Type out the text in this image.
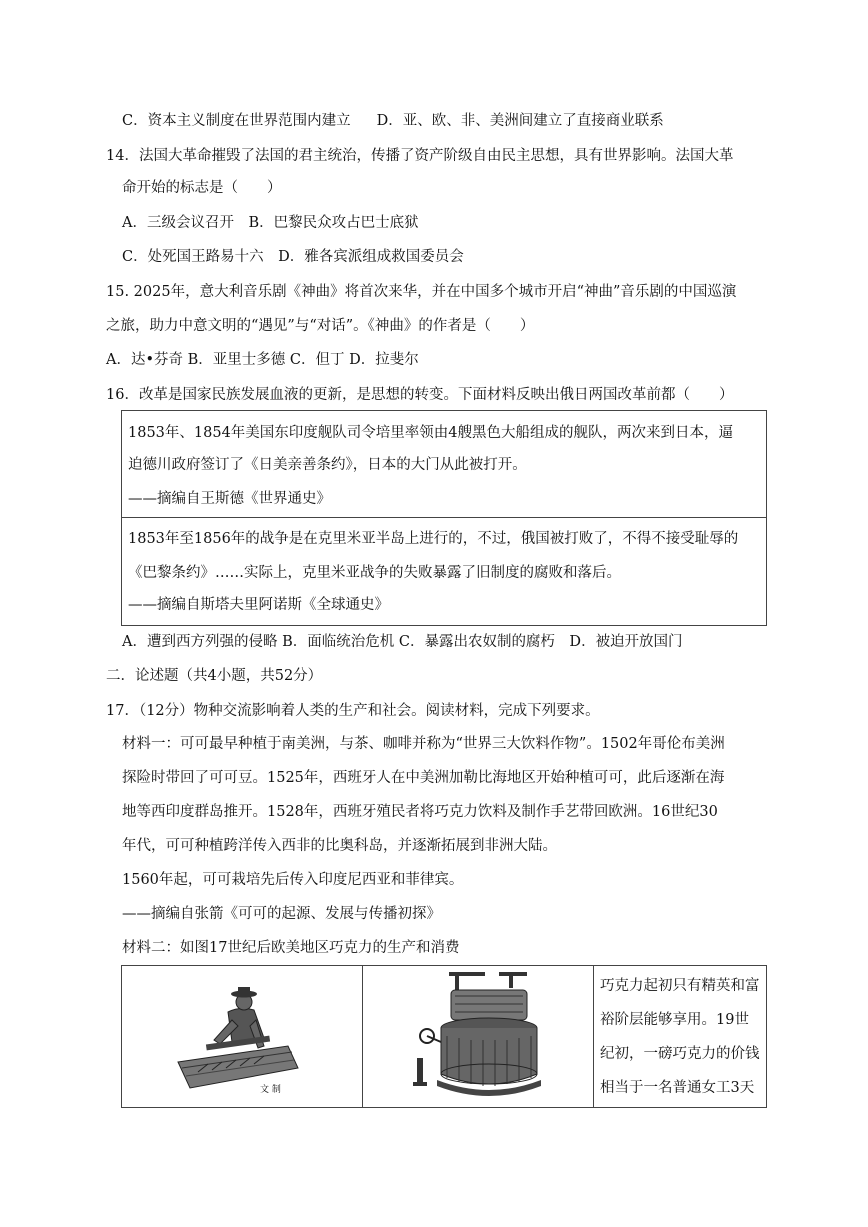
C．资本主义制度在世界范围内建立 D．亚、欧、非、美洲间建立了直接商业联系
14．法国大革命摧毁了法国的君主统治，传播了资产阶级自由民主思想，具有世界影响。法国大革
命开始的标志是（　　）
A．三级会议召开　B．巴黎民众攻占巴士底狱
C．处死国王路易十六　D．雅各宾派组成救国委员会
15. 2025年，意大利音乐剧《神曲》将首次来华，并在中国多个城市开启“神曲”音乐剧的中国巡演
之旅，助力中意文明的“遇见”与“对话”。《神曲》的作者是（　　）
A．达•芬奇 B．亚里士多德 C．但丁 D．拉斐尔
16．改革是国家民族发展血液的更新，是思想的转变。下面材料反映出俄日两国改革前都（　　）
1853年、1854年美国东印度舰队司令培里率领由4艘黑色大船组成的舰队，两次来到日本，逼
迫德川政府签订了《日美亲善条约》，日本的大门从此被打开。
——摘编自王斯德《世界通史》
1853年至1856年的战争是在克里米亚半岛上进行的，不过，俄国被打败了，不得不接受耻辱的
《巴黎条约》……实际上，克里米亚战争的失败暴露了旧制度的腐败和落后。
——摘编自斯塔夫里阿诺斯《全球通史》
A．遭到西方列强的侵略 B．面临统治危机 C．暴露出农奴制的腐朽　D．被迫开放国门
二．论述题（共4小题，共52分）
17．（12分）物种交流影响着人类的生产和社会。阅读材料，完成下列要求。
材料一：可可最早种植于南美洲，与茶、咖啡并称为“世界三大饮料作物”。1502年哥伦布美洲
探险时带回了可可豆。1525年，西班牙人在中美洲加勒比海地区开始种植可可，此后逐渐在海
地等西印度群岛推开。1528年，西班牙殖民者将巧克力饮料及制作手艺带回欧洲。16世纪30
年代，可可种植跨洋传入西非的比奥科岛，并逐渐拓展到非洲大陆。
1560年起，可可栽培先后传入印度尼西亚和菲律宾。
——摘编自张箭《可可的起源、发展与传播初探》
材料二：如图17世纪后欧美地区巧克力的生产和消费
文 制
巧克力起初只有精英和富
裕阶层能够享用。19世
纪初，一磅巧克力的价钱
相当于一名普通女工3天
